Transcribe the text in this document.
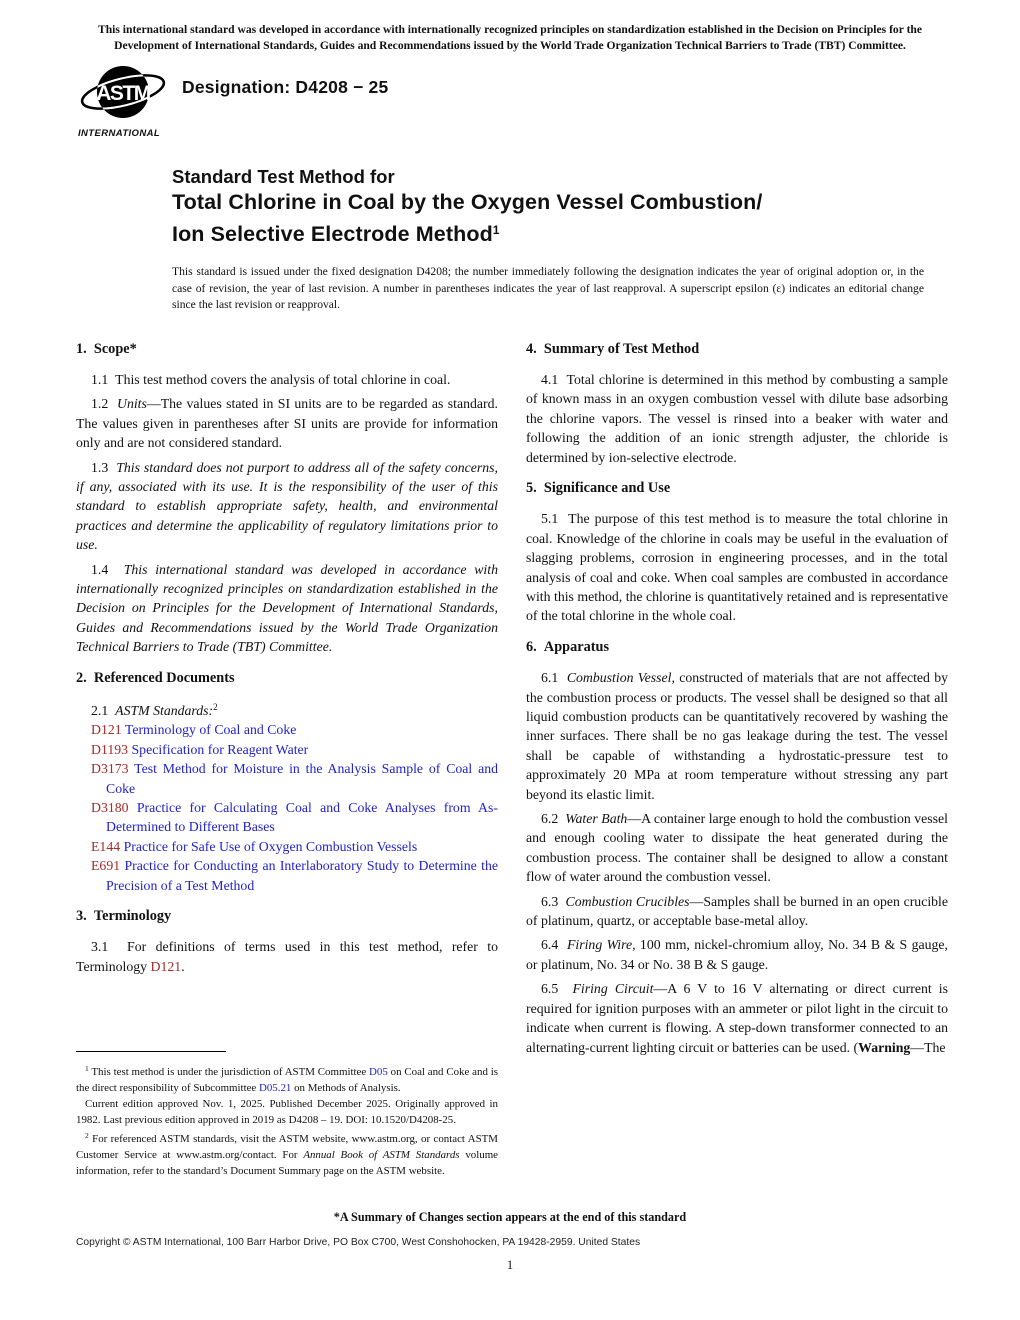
This international standard was developed in accordance with internationally recognized principles on standardization established in the Decision on Principles for the Development of International Standards, Guides and Recommendations issued by the World Trade Organization Technical Barriers to Trade (TBT) Committee.

ASTM
INTERNATIONAL
Designation: D4208 − 25
Standard Test Method for
Total Chlorine in Coal by the Oxygen Vessel Combustion/
Ion Selective Electrode Method$^1$

This standard is issued under the fixed designation D4208; the number immediately following the designation indicates the year of original adoption or, in the case of revision, the year of last revision. A number in parentheses indicates the year of last reapproval. A superscript epsilon (ε) indicates an editorial change since the last revision or reapproval.

1.  Scope*

1.1  This test method covers the analysis of total chlorine in coal.

1.2  Units—The values stated in SI units are to be regarded as standard. The values given in parentheses after SI units are provide for information only and are not considered standard.

1.3  This standard does not purport to address all of the safety concerns, if any, associated with its use. It is the responsibility of the user of this standard to establish appropriate safety, health, and environmental practices and determine the applicability of regulatory limitations prior to use.

1.4  This international standard was developed in accordance with internationally recognized principles on standardization established in the Decision on Principles for the Development of International Standards, Guides and Recommendations issued by the World Trade Organization Technical Barriers to Trade (TBT) Committee.

2.  Referenced Documents

2.1  ASTM Standards:$^2$

D121 Terminology of Coal and Coke
D1193 Specification for Reagent Water
D3173 Test Method for Moisture in the Analysis Sample of Coal and Coke
D3180 Practice for Calculating Coal and Coke Analyses from As-Determined to Different Bases
E144 Practice for Safe Use of Oxygen Combustion Vessels
E691 Practice for Conducting an Interlaboratory Study to Determine the Precision of a Test Method
3.  Terminology

3.1  For definitions of terms used in this test method, refer to Terminology D121.

$^1$ This test method is under the jurisdiction of ASTM Committee D05 on Coal and Coke and is the direct responsibility of Subcommittee D05.21 on Methods of Analysis.

Current edition approved Nov. 1, 2025. Published December 2025. Originally approved in 1982. Last previous edition approved in 2019 as D4208 – 19. DOI: 10.1520/D4208-25.

$^2$ For referenced ASTM standards, visit the ASTM website, www.astm.org, or contact ASTM Customer Service at www.astm.org/contact. For Annual Book of ASTM Standards volume information, refer to the standard’s Document Summary page on the ASTM website.

4.  Summary of Test Method

4.1  Total chlorine is determined in this method by combusting a sample of known mass in an oxygen combustion vessel with dilute base adsorbing the chlorine vapors. The vessel is rinsed into a beaker with water and following the addition of an ionic strength adjuster, the chloride is determined by ion-selective electrode.

5.  Significance and Use

5.1  The purpose of this test method is to measure the total chlorine in coal. Knowledge of the chlorine in coals may be useful in the evaluation of slagging problems, corrosion in engineering processes, and in the total analysis of coal and coke. When coal samples are combusted in accordance with this method, the chlorine is quantitatively retained and is representative of the total chlorine in the whole coal.

6.  Apparatus

6.1  Combustion Vessel, constructed of materials that are not affected by the combustion process or products. The vessel shall be designed so that all liquid combustion products can be quantitatively recovered by washing the inner surfaces. There shall be no gas leakage during the test. The vessel shall be capable of withstanding a hydrostatic-pressure test to approximately 20 MPa at room temperature without stressing any part beyond its elastic limit.

6.2  Water Bath—A container large enough to hold the combustion vessel and enough cooling water to dissipate the heat generated during the combustion process. The container shall be designed to allow a constant flow of water around the combustion vessel.

6.3  Combustion Crucibles—Samples shall be burned in an open crucible of platinum, quartz, or acceptable base-metal alloy.

6.4  Firing Wire, 100 mm, nickel-chromium alloy, No. 34 B & S gauge, or platinum, No. 34 or No. 38 B & S gauge.

6.5  Firing Circuit—A 6 V to 16 V alternating or direct current is required for ignition purposes with an ammeter or pilot light in the circuit to indicate when current is flowing. A step-down transformer connected to an alternating-current lighting circuit or batteries can be used. (Warning—The

*A Summary of Changes section appears at the end of this standard
Copyright © ASTM International, 100 Barr Harbor Drive, PO Box C700, West Conshohocken, PA 19428-2959. United States
1
